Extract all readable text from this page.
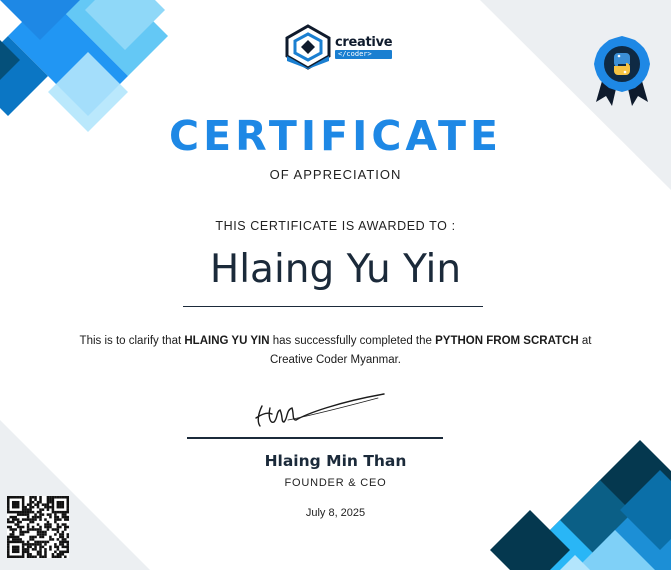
creative
</coder>
CERTIFICATE
OF APPRECIATION
THIS CERTIFICATE IS AWARDED TO :
Hlaing Yu Yin
This is to clarify that HLAING YU YIN has successfully completed the PYTHON FROM SCRATCH at Creative Coder Myanmar.
Hlaing Min Than
FOUNDER & CEO
July 8, 2025
